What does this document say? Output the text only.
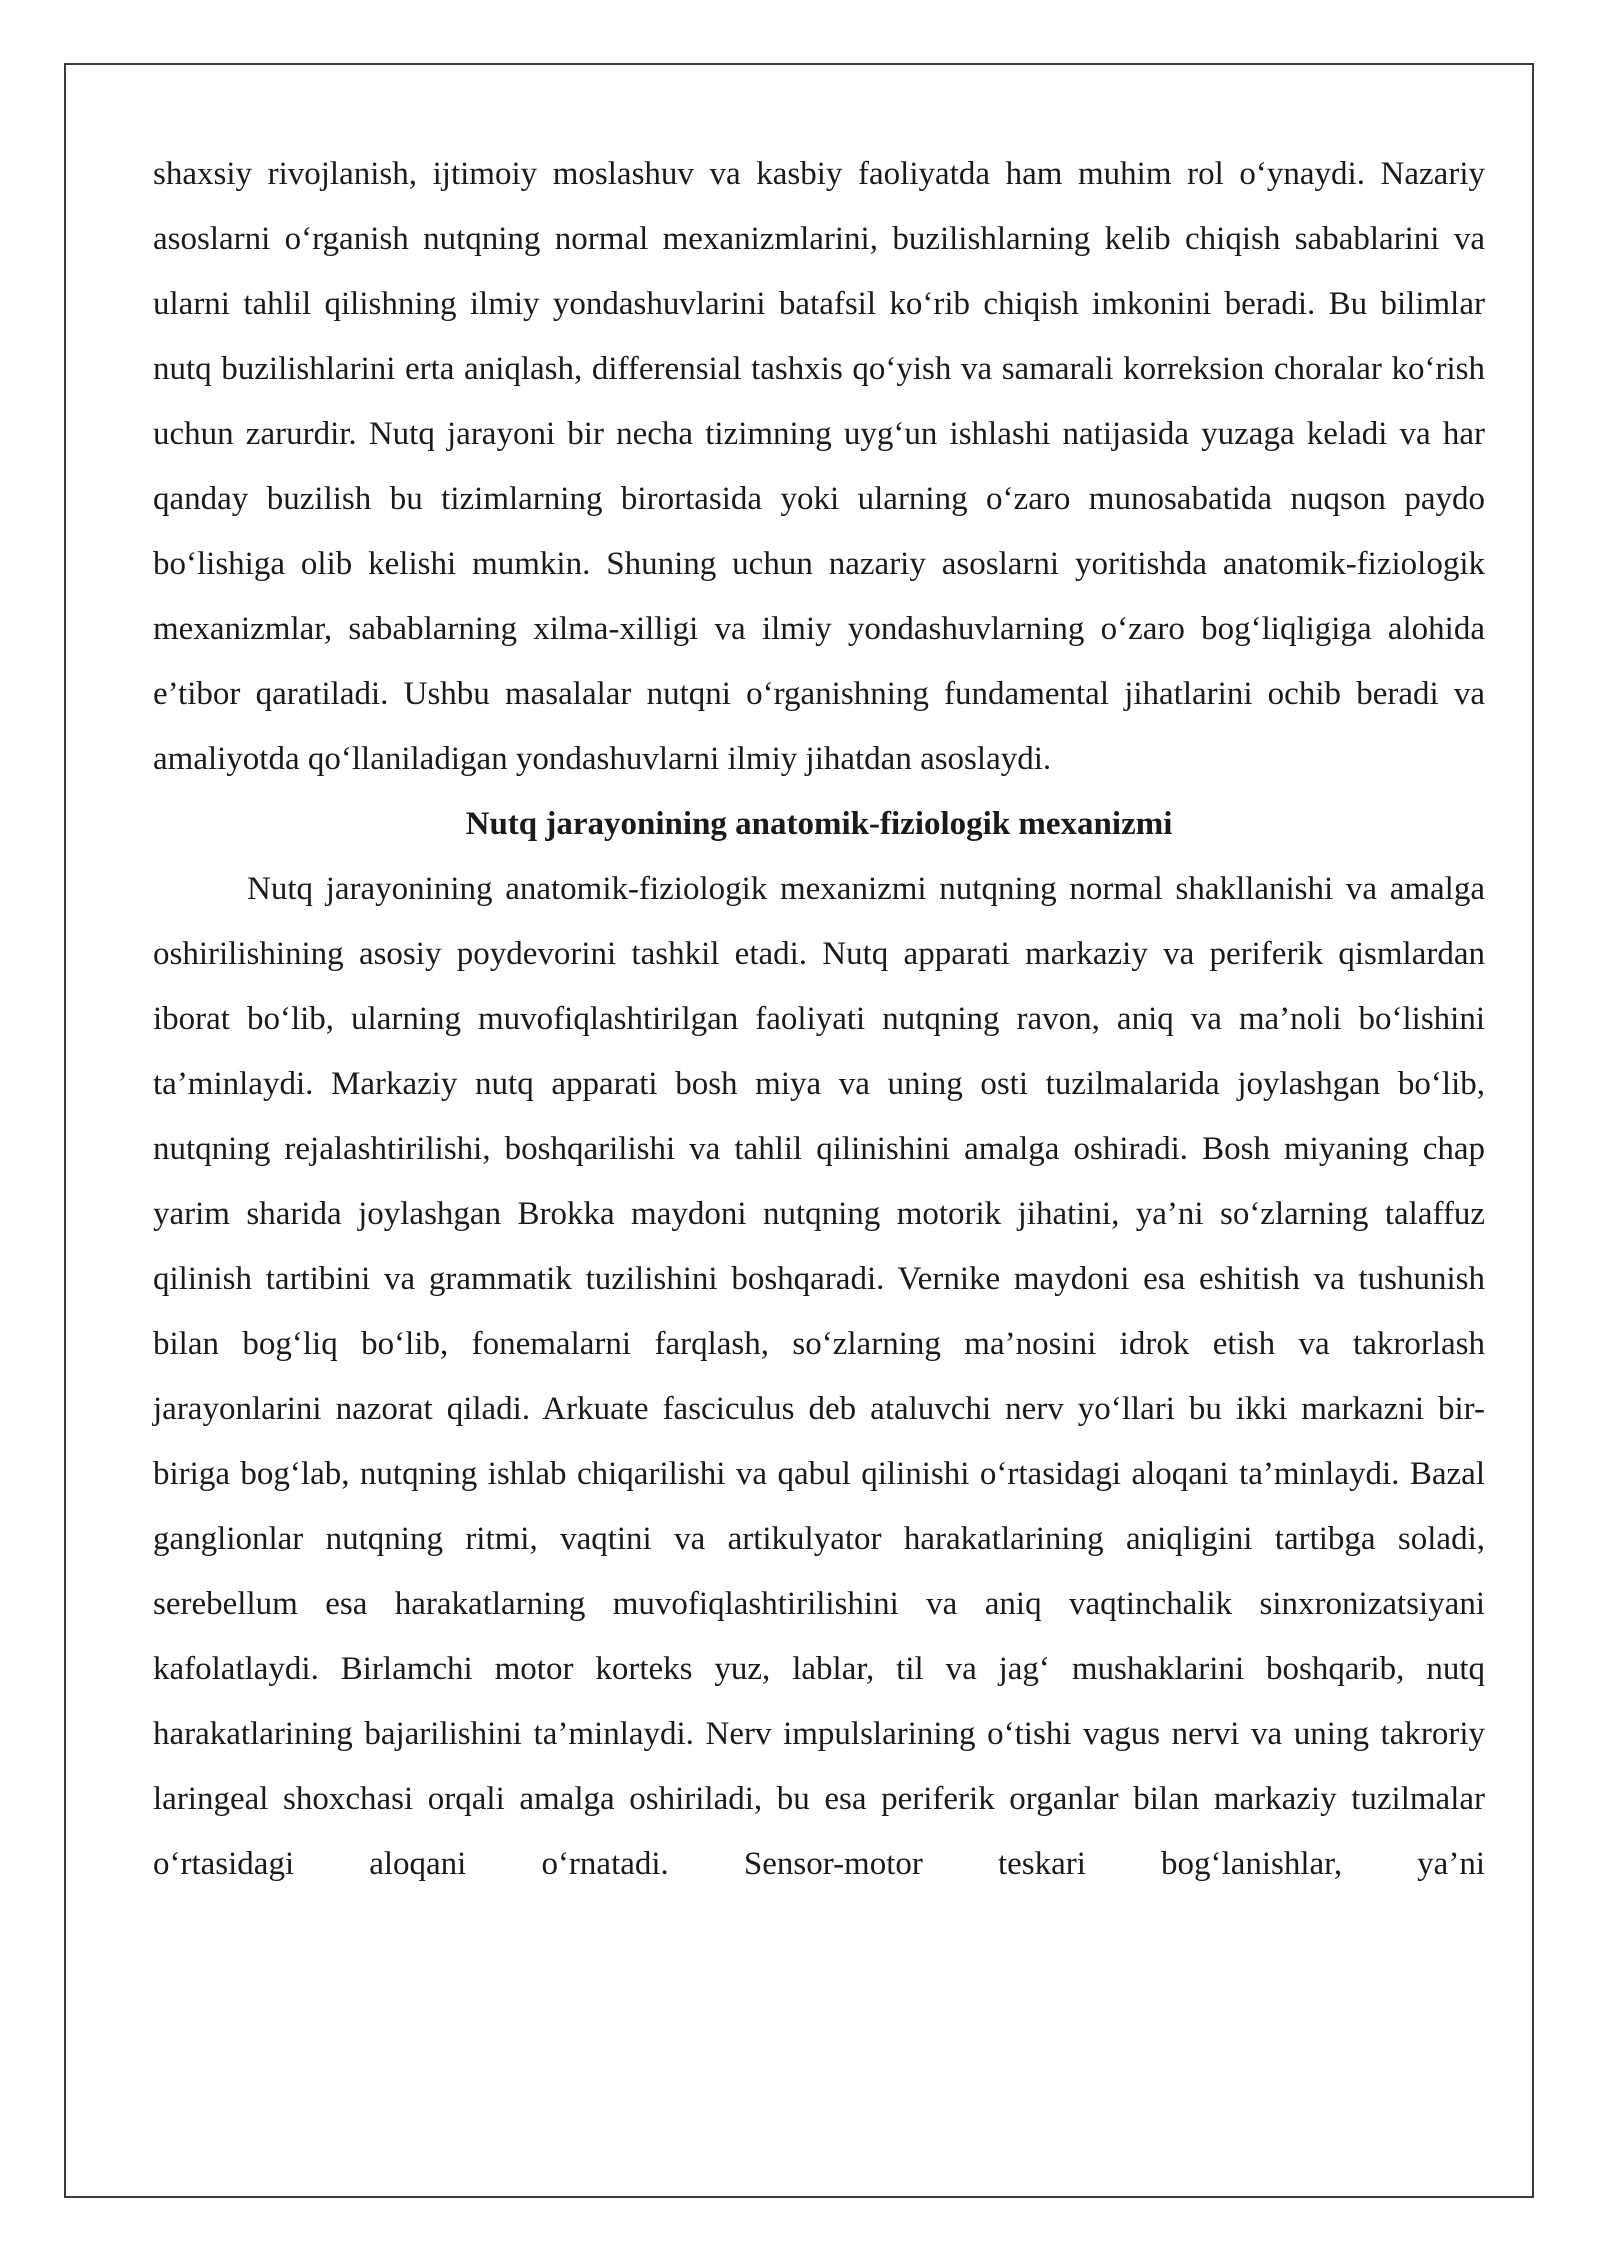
shaxsiy rivojlanish, ijtimoiy moslashuv va kasbiy faoliyatda ham muhim rol o‘ynaydi. Nazariy asoslarni o‘rganish nutqning normal mexanizmlarini, buzilishlarning kelib chiqish sabablarini va ularni tahlil qilishning ilmiy yondashuvlarini batafsil ko‘rib chiqish imkonini beradi. Bu bilimlar nutq buzilishlarini erta aniqlash, differensial tashxis qo‘yish va samarali korreksion choralar ko‘rish uchun zarurdir. Nutq jarayoni bir necha tizimning uyg‘un ishlashi natijasida yuzaga keladi va har qanday buzilish bu tizimlarning birortasida yoki ularning o‘zaro munosabatida nuqson paydo bo‘lishiga olib kelishi mumkin. Shuning uchun nazariy asoslarni yoritishda anatomik-fiziologik mexanizmlar, sabablarning xilma-xilligi va ilmiy yondashuvlarning o‘zaro bog‘liqligiga alohida e’tibor qaratiladi. Ushbu masalalar nutqni o‘rganishning fundamental jihatlarini ochib beradi va amaliyotda qo‘llaniladigan yondashuvlarni ilmiy jihatdan asoslaydi.

Nutq jarayonining anatomik-fiziologik mexanizmi

Nutq jarayonining anatomik-fiziologik mexanizmi nutqning normal shakllanishi va amalga oshirilishining asosiy poydevorini tashkil etadi. Nutq apparati markaziy va periferik qismlardan iborat bo‘lib, ularning muvofiqlashtirilgan faoliyati nutqning ravon, aniq va ma’noli bo‘lishini ta’minlaydi. Markaziy nutq apparati bosh miya va uning osti tuzilmalarida joylashgan bo‘lib, nutqning rejalashtirilishi, boshqarilishi va tahlil qilinishini amalga oshiradi. Bosh miyaning chap yarim sharida joylashgan Brokka maydoni nutqning motorik jihatini, ya’ni so‘zlarning talaffuz qilinish tartibini va grammatik tuzilishini boshqaradi. Vernike maydoni esa eshitish va tushunish bilan bog‘liq bo‘lib, fonemalarni farqlash, so‘zlarning ma’nosini idrok etish va takrorlash jarayonlarini nazorat qiladi. Arkuate fasciculus deb ataluvchi nerv yo‘llari bu ikki markazni bir-biriga bog‘lab, nutqning ishlab chiqarilishi va qabul qilinishi o‘rtasidagi aloqani ta’minlaydi. Bazal ganglionlar nutqning ritmi, vaqtini va artikulyator harakatlarining aniqligini tartibga soladi, serebellum esa harakatlarning muvofiqlashtirilishini va aniq vaqtinchalik sinxronizatsiyani kafolatlaydi. Birlamchi motor korteks yuz, lablar, til va jag‘ mushaklarini boshqarib, nutq harakatlarining bajarilishini ta’minlaydi. Nerv impulslarining o‘tishi vagus nervi va uning takroriy laringeal shoxchasi orqali amalga oshiriladi, bu esa periferik organlar bilan markaziy tuzilmalar o‘rtasidagi aloqani o‘rnatadi. Sensor-motor teskari bog‘lanishlar, ya’ni
